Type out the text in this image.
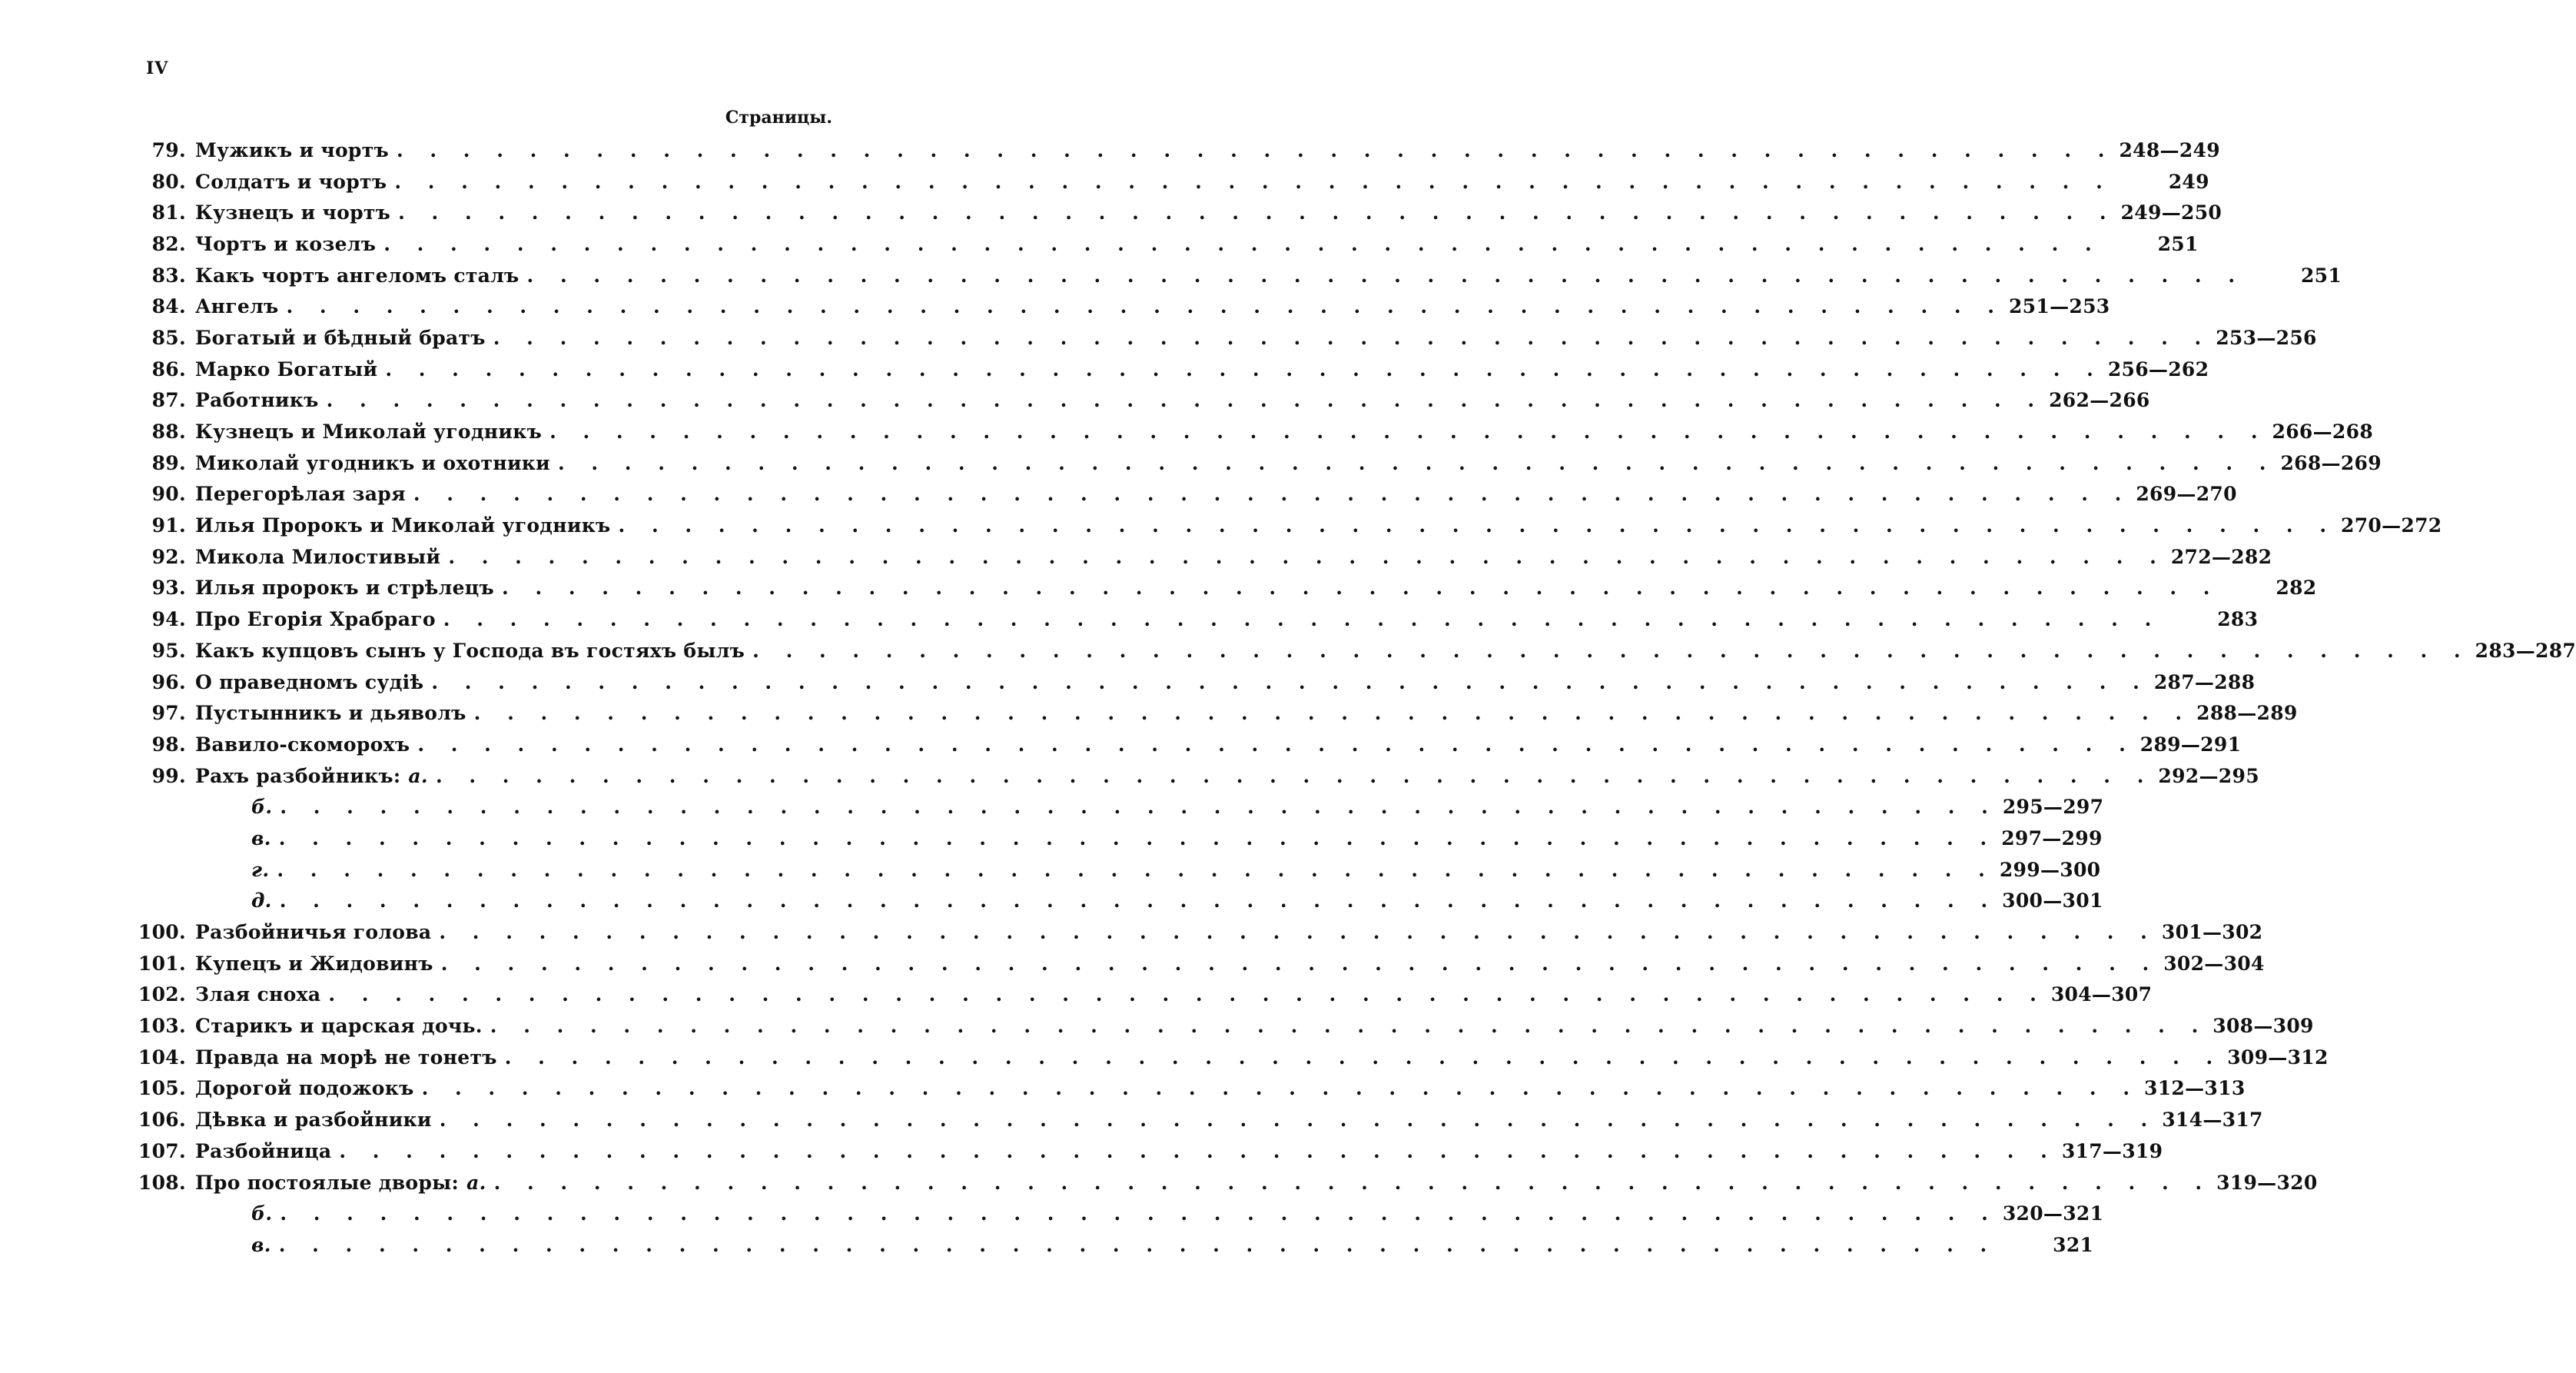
IV
Страницы.
79. Мужикъ и чортъ . . . . . . . . . . . . . . . . . . . . . . . . . . . . . . . . . . . . . . . . . . . . . . . . . . . . 248—249
80. Солдатъ и чортъ . . . . . . . . . . . . . . . . . . . . . . . . . . . . . . . . . . . . . . . . . . . . . . . . . . . .	249
81. Кузнецъ и чортъ . . . . . . . . . . . . . . . . . . . . . . . . . . . . . . . . . . . . . . . . . . . . . . . . . . . . 249—250
82. Чортъ и козелъ . . . . . . . . . . . . . . . . . . . . . . . . . . . . . . . . . . . . . . . . . . . . . . . . . . . .	251
83. Какъ чортъ ангеломъ сталъ . . . . . . . . . . . . . . . . . . . . . . . . . . . . . . . . . . . . . . . . . . . . . . . . . . . .	251
84. Ангелъ . . . . . . . . . . . . . . . . . . . . . . . . . . . . . . . . . . . . . . . . . . . . . . . . . . . . 251—253
85. Богатый и бѣдный братъ . . . . . . . . . . . . . . . . . . . . . . . . . . . . . . . . . . . . . . . . . . . . . . . . . . . . 253—256
86. Марко Богатый . . . . . . . . . . . . . . . . . . . . . . . . . . . . . . . . . . . . . . . . . . . . . . . . . . . . 256—262
87. Работникъ . . . . . . . . . . . . . . . . . . . . . . . . . . . . . . . . . . . . . . . . . . . . . . . . . . . . 262—266
88. Кузнецъ и Миколай угодникъ . . . . . . . . . . . . . . . . . . . . . . . . . . . . . . . . . . . . . . . . . . . . . . . . . . . . 266—268
89. Миколай угодникъ и охотники . . . . . . . . . . . . . . . . . . . . . . . . . . . . . . . . . . . . . . . . . . . . . . . . . . . . 268—269
90. Перегорѣлая заря . . . . . . . . . . . . . . . . . . . . . . . . . . . . . . . . . . . . . . . . . . . . . . . . . . . . 269—270
91. Илья Пророкъ и Миколай угодникъ . . . . . . . . . . . . . . . . . . . . . . . . . . . . . . . . . . . . . . . . . . . . . . . . . . . . 270—272
92. Микола Милостивый . . . . . . . . . . . . . . . . . . . . . . . . . . . . . . . . . . . . . . . . . . . . . . . . . . . . 272—282
93. Илья пророкъ и стрѣлецъ . . . . . . . . . . . . . . . . . . . . . . . . . . . . . . . . . . . . . . . . . . . . . . . . . . . .	282
94. Про Егорія Храбраго . . . . . . . . . . . . . . . . . . . . . . . . . . . . . . . . . . . . . . . . . . . . . . . . . . . .	283
95. Какъ купцовъ сынъ у Господа въ гостяхъ былъ . . . . . . . . . . . . . . . . . . . . . . . . . . . . . . . . . . . . . . . . . . . . . . . . . . . . 283—287
96. О праведномъ судіѣ . . . . . . . . . . . . . . . . . . . . . . . . . . . . . . . . . . . . . . . . . . . . . . . . . . . . 287—288
97. Пустынникъ и дьяволъ . . . . . . . . . . . . . . . . . . . . . . . . . . . . . . . . . . . . . . . . . . . . . . . . . . . . 288—289
98. Вавило-скоморохъ . . . . . . . . . . . . . . . . . . . . . . . . . . . . . . . . . . . . . . . . . . . . . . . . . . . . 289—291
99. Рахъ разбойникъ: а. . . . . . . . . . . . . . . . . . . . . . . . . . . . . . . . . . . . . . . . . . . . . . . . . . . . . 292—295
б. . . . . . . . . . . . . . . . . . . . . . . . . . . . . . . . . . . . . . . . . . . . . . . . . . . . . 295—297
в. . . . . . . . . . . . . . . . . . . . . . . . . . . . . . . . . . . . . . . . . . . . . . . . . . . . . 297—299
г. . . . . . . . . . . . . . . . . . . . . . . . . . . . . . . . . . . . . . . . . . . . . . . . . . . . . 299—300
д. . . . . . . . . . . . . . . . . . . . . . . . . . . . . . . . . . . . . . . . . . . . . . . . . . . . . 300—301
100. Разбойничья голова . . . . . . . . . . . . . . . . . . . . . . . . . . . . . . . . . . . . . . . . . . . . . . . . . . . . 301—302
101. Купецъ и Жидовинъ . . . . . . . . . . . . . . . . . . . . . . . . . . . . . . . . . . . . . . . . . . . . . . . . . . . . 302—304
102. Злая сноха . . . . . . . . . . . . . . . . . . . . . . . . . . . . . . . . . . . . . . . . . . . . . . . . . . . . 304—307
103. Старикъ и царская дочь. . . . . . . . . . . . . . . . . . . . . . . . . . . . . . . . . . . . . . . . . . . . . . . . . . . . . 308—309
104. Правда на морѣ не тонетъ . . . . . . . . . . . . . . . . . . . . . . . . . . . . . . . . . . . . . . . . . . . . . . . . . . . . 309—312
105. Дорогой подожокъ . . . . . . . . . . . . . . . . . . . . . . . . . . . . . . . . . . . . . . . . . . . . . . . . . . . . 312—313
106. Дѣвка и разбойники . . . . . . . . . . . . . . . . . . . . . . . . . . . . . . . . . . . . . . . . . . . . . . . . . . . . 314—317
107. Разбойница . . . . . . . . . . . . . . . . . . . . . . . . . . . . . . . . . . . . . . . . . . . . . . . . . . . . 317—319
108. Про постоялые дворы: а. . . . . . . . . . . . . . . . . . . . . . . . . . . . . . . . . . . . . . . . . . . . . . . . . . . . . 319—320
б. . . . . . . . . . . . . . . . . . . . . . . . . . . . . . . . . . . . . . . . . . . . . . . . . . . . . 320—321
в. . . . . . . . . . . . . . . . . . . . . . . . . . . . . . . . . . . . . . . . . . . . . . . . . . . . .	321
